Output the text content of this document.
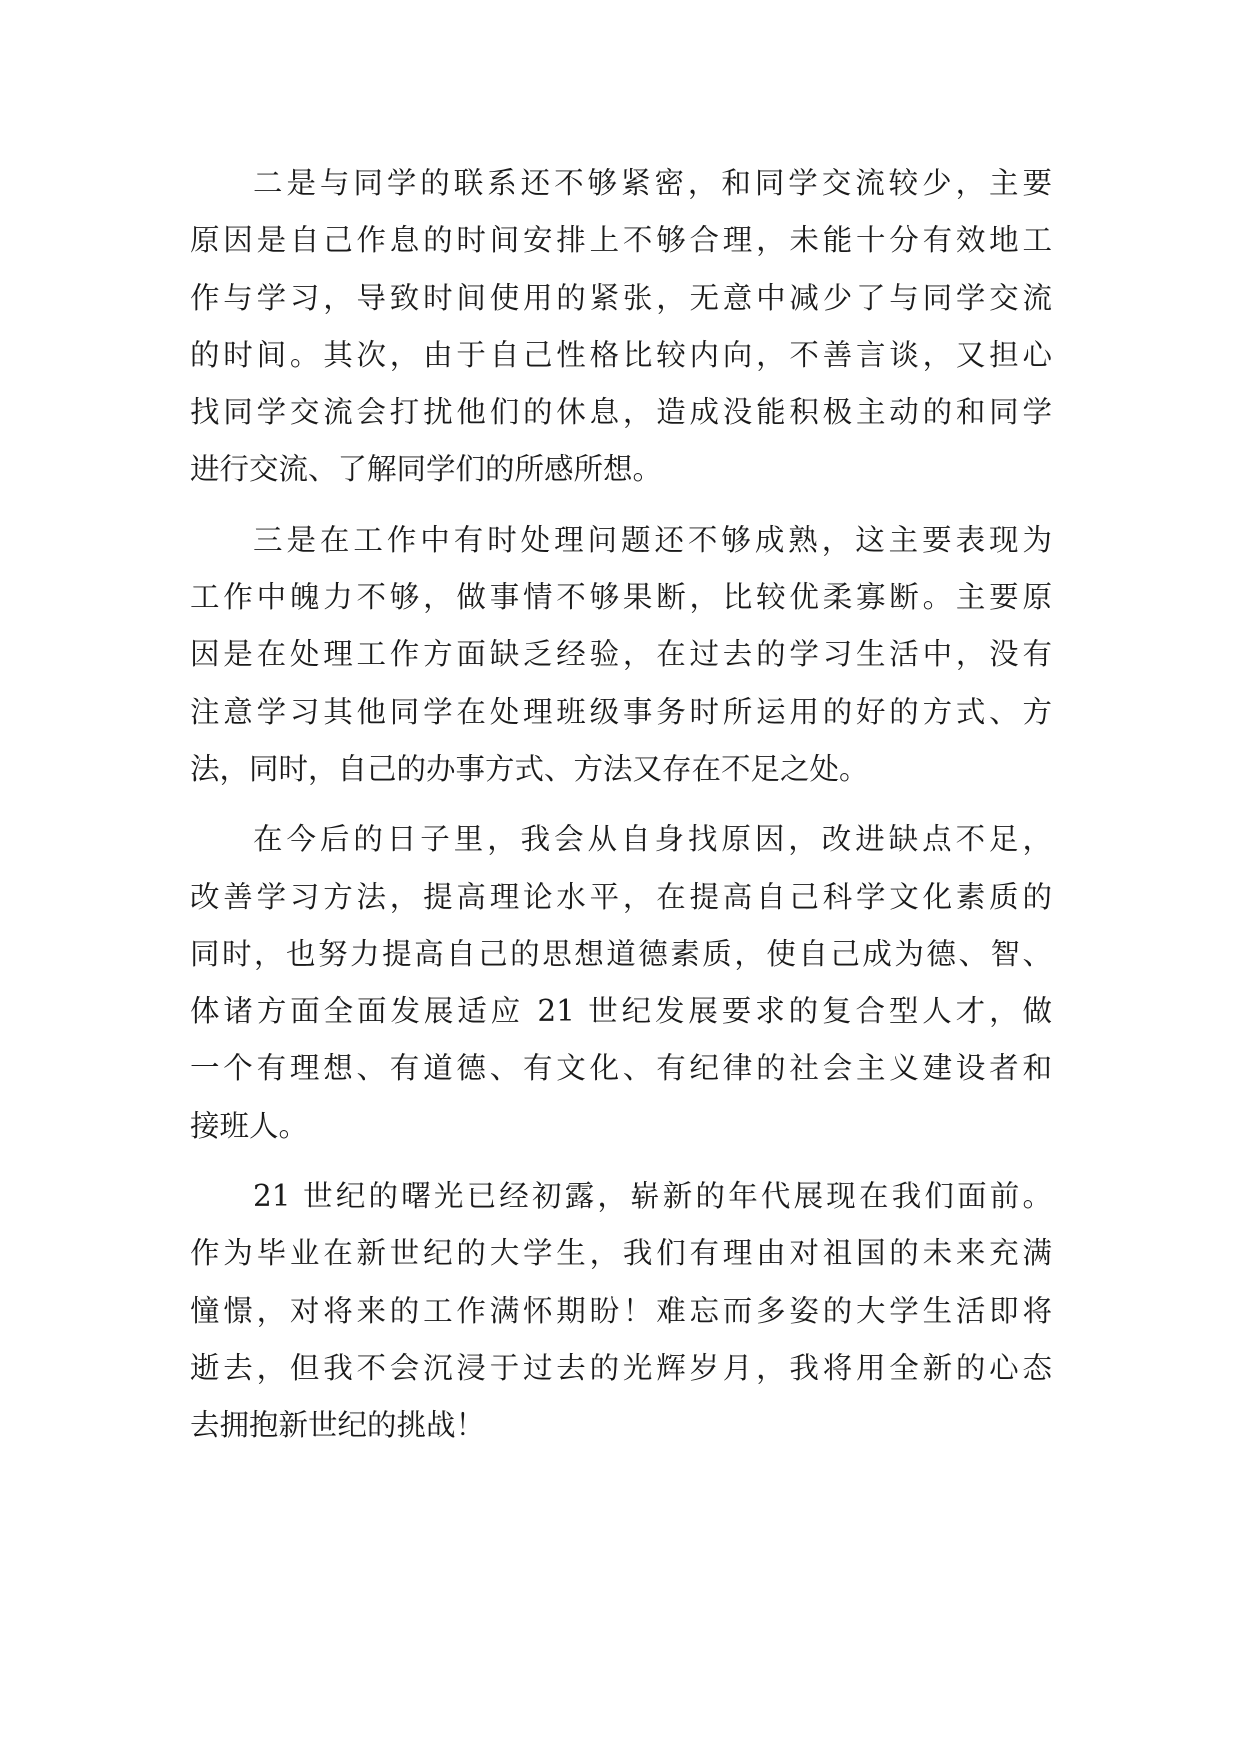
二是与同学的联系还不够紧密，和同学交流较少，主要
原因是自己作息的时间安排上不够合理，未能十分有效地工
作与学习，导致时间使用的紧张，无意中减少了与同学交流
的时间。其次，由于自己性格比较内向，不善言谈，又担心
找同学交流会打扰他们的休息，造成没能积极主动的和同学
进行交流、了解同学们的所感所想。

三是在工作中有时处理问题还不够成熟，这主要表现为
工作中魄力不够，做事情不够果断，比较优柔寡断。主要原
因是在处理工作方面缺乏经验，在过去的学习生活中，没有
注意学习其他同学在处理班级事务时所运用的好的方式、方
法，同时，自己的办事方式、方法又存在不足之处。

在今后的日子里，我会从自身找原因，改进缺点不足，
改善学习方法，提高理论水平，在提高自己科学文化素质的
同时，也努力提高自己的思想道德素质，使自己成为德、智、
体诸方面全面发展适应 21 世纪发展要求的复合型人才，做
一个有理想、有道德、有文化、有纪律的社会主义建设者和
接班人。

21 世纪的曙光已经初露，崭新的年代展现在我们面前。
作为毕业在新世纪的大学生，我们有理由对祖国的未来充满
憧憬，对将来的工作满怀期盼！难忘而多姿的大学生活即将
逝去，但我不会沉浸于过去的光辉岁月，我将用全新的心态
去拥抱新世纪的挑战！
